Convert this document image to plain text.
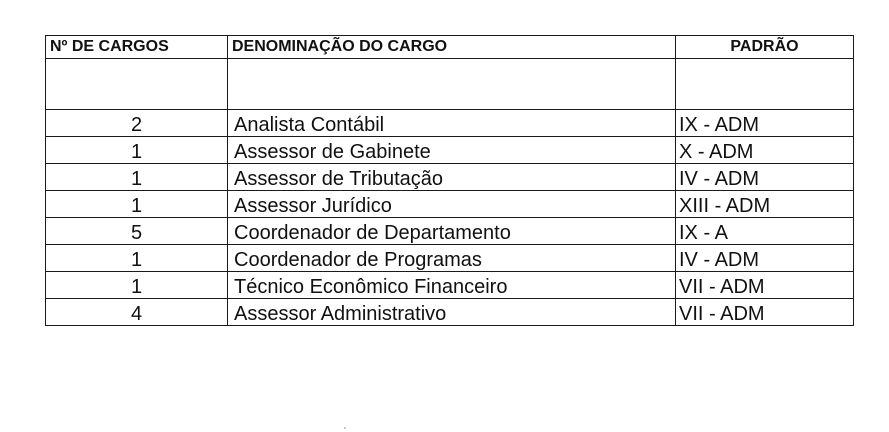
Nº DE CARGOS	DENOMINAÇÃO DO CARGO	PADRÃO

2	Analista Contábil	IX - ADM
1	Assessor de Gabinete	X - ADM
1	Assessor de Tributação	IV - ADM
1	Assessor Jurídico	XIII - ADM
5	Coordenador de Departamento	IX - A
1	Coordenador de Programas	IV - ADM
1	Técnico Econômico Financeiro	VII - ADM
4	Assessor Administrativo	VII - ADM
